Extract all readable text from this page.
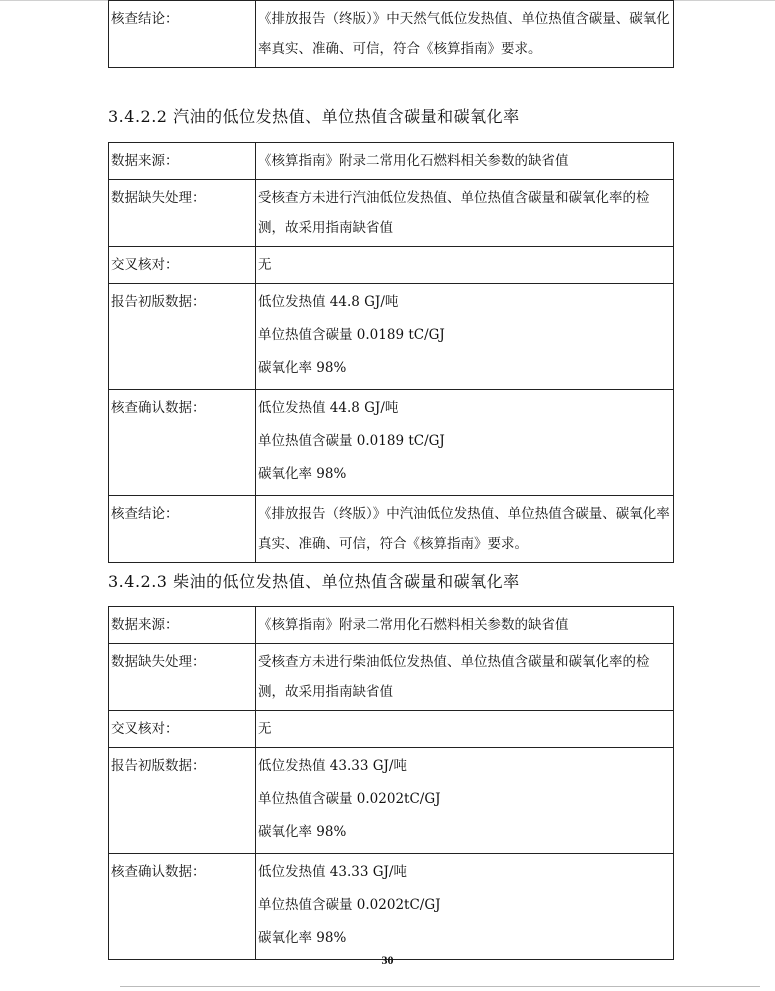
核查结论：	《排放报告（终版）》中天然气低位发热值、单位热值含碳量、碳氧化率真实、准确、可信，符合《核算指南》要求。
3.4.2.2 汽油的低位发热值、单位热值含碳量和碳氧化率
数据来源：	《核算指南》附录二常用化石燃料相关参数的缺省值
数据缺失处理：	受核查方未进行汽油低位发热值、单位热值含碳量和碳氧化率的检测，故采用指南缺省值
交叉核对：	无
报告初版数据：	低位发热值 44.8 GJ/吨
单位热值含碳量 0.0189 tC/GJ
碳氧化率 98%

核查确认数据：	低位发热值 44.8 GJ/吨
单位热值含碳量 0.0189 tC/GJ
碳氧化率 98%

核查结论：	《排放报告（终版）》中汽油低位发热值、单位热值含碳量、碳氧化率真实、准确、可信，符合《核算指南》要求。
3.4.2.3 柴油的低位发热值、单位热值含碳量和碳氧化率
数据来源：	《核算指南》附录二常用化石燃料相关参数的缺省值
数据缺失处理：	受核查方未进行柴油低位发热值、单位热值含碳量和碳氧化率的检测，故采用指南缺省值
交叉核对：	无
报告初版数据：	低位发热值 43.33 GJ/吨
单位热值含碳量 0.0202tC/GJ
碳氧化率 98%

核查确认数据：	低位发热值 43.33 GJ/吨
单位热值含碳量 0.0202tC/GJ
碳氧化率 98%
30
